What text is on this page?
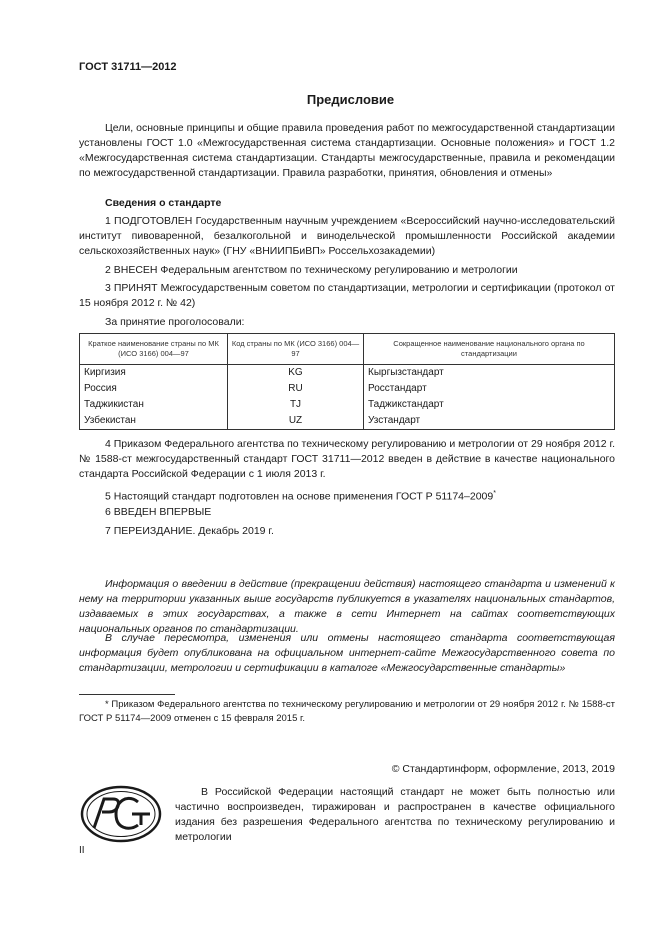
ГОСТ 31711—2012
Предисловие
Цели, основные принципы и общие правила проведения работ по межгосударственной стандартизации установлены ГОСТ 1.0 «Межгосударственная система стандартизации. Основные положения» и ГОСТ 1.2 «Межгосударственная система стандартизации. Стандарты межгосударственные, правила и рекомендации по межгосударственной стандартизации. Правила разработки, принятия, обновления и отмены»
Сведения о стандарте
1 ПОДГОТОВЛЕН Государственным научным учреждением «Всероссийский научно-исследовательский институт пивоваренной, безалкогольной и винодельческой промышленности Российской академии сельскохозяйственных наук» (ГНУ «ВНИИПБиВП» Россельхозакадемии)
2 ВНЕСЕН Федеральным агентством по техническому регулированию и метрологии
3 ПРИНЯТ Межгосударственным советом по стандартизации, метрологии и сертификации (протокол от 15 ноября 2012 г. № 42)
За принятие проголосовали:
Краткое наименование страны по МК (ИСО 3166) 004—97	Код страны по МК (ИСО 3166) 004—97	Сокращенное наименование национального органа по стандартизации
Киргизия	KG	Кыргызстандарт
Россия	RU	Росстандарт
Таджикистан	TJ	Таджикстандарт
Узбекистан	UZ	Узстандарт
4 Приказом Федерального агентства по техническому регулированию и метрологии от 29 ноября 2012 г. № 1588-ст межгосударственный стандарт ГОСТ 31711—2012 введен в действие в качестве национального стандарта Российской Федерации с 1 июля 2013 г.
5 Настоящий стандарт подготовлен на основе применения ГОСТ Р 51174–2009*
6 ВВЕДЕН ВПЕРВЫЕ
7 ПЕРЕИЗДАНИЕ. Декабрь 2019 г.
Информация о введении в действие (прекращении действия) настоящего стандарта и изменений к нему на территории указанных выше государств публикуется в указателях национальных стандартов, издаваемых в этих государствах, а также в сети Интернет на сайтах соответствующих национальных органов по стандартизации.
В случае пересмотра, изменения или отмены настоящего стандарта соответствующая информация будет опубликована на официальном интернет-сайте Межгосударственного совета по стандартизации, метрологии и сертификации в каталоге «Межгосударственные стандарты»
* Приказом Федерального агентства по техническому регулированию и метрологии от 29 ноября 2012 г. № 1588-ст ГОСТ Р 51174—2009 отменен с 15 февраля 2015 г.
© Стандартинформ, оформление, 2013, 2019
В Российской Федерации настоящий стандарт не может быть полностью или частично воспроизведен, тиражирован и распространен в качестве официального издания без разрешения Федерального агентства по техническому регулированию и метрологии
II
